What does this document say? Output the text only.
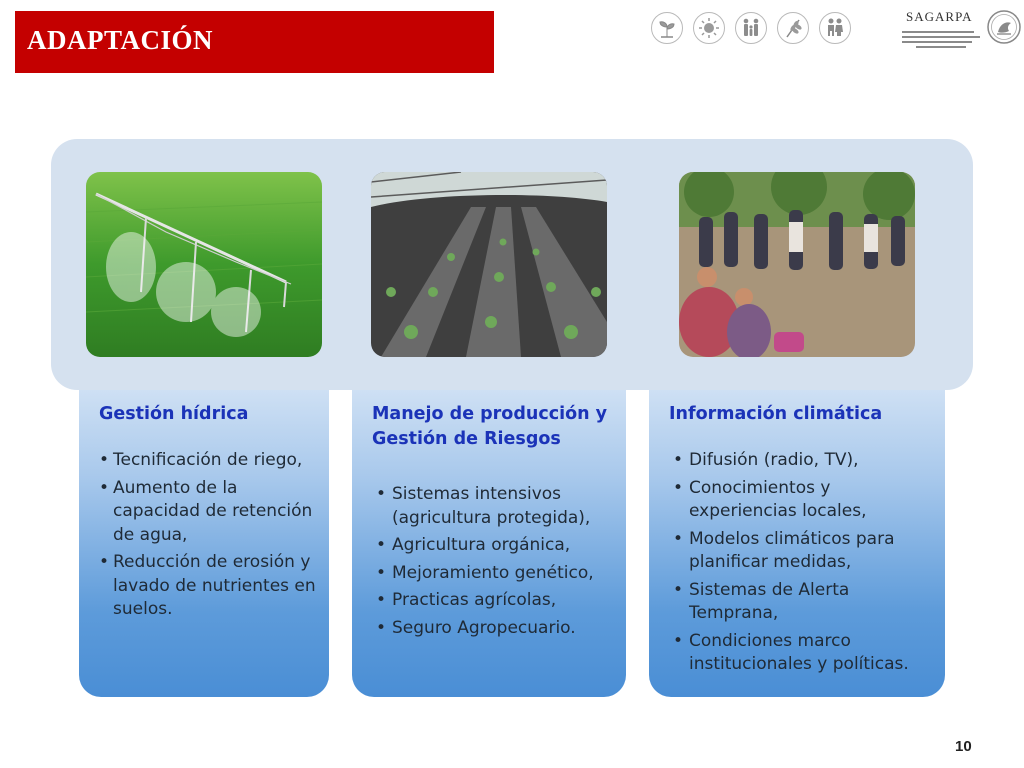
ADAPTACIÓN
SAGARPA
Gestión hídrica
• Tecnificación de riego,
• Aumento de la capacidad de retención de agua,
• Reducción de erosión y lavado de nutrientes en suelos.
Manejo de producción y Gestión de Riesgos
• Sistemas intensivos (agricultura protegida),
• Agricultura orgánica,
• Mejoramiento genético,
• Practicas agrícolas,
• Seguro Agropecuario.
Información climática
• Difusión (radio, TV),
• Conocimientos y experiencias locales,
• Modelos climáticos para planificar medidas,
• Sistemas de Alerta Temprana,
• Condiciones marco institucionales y políticas.
10
